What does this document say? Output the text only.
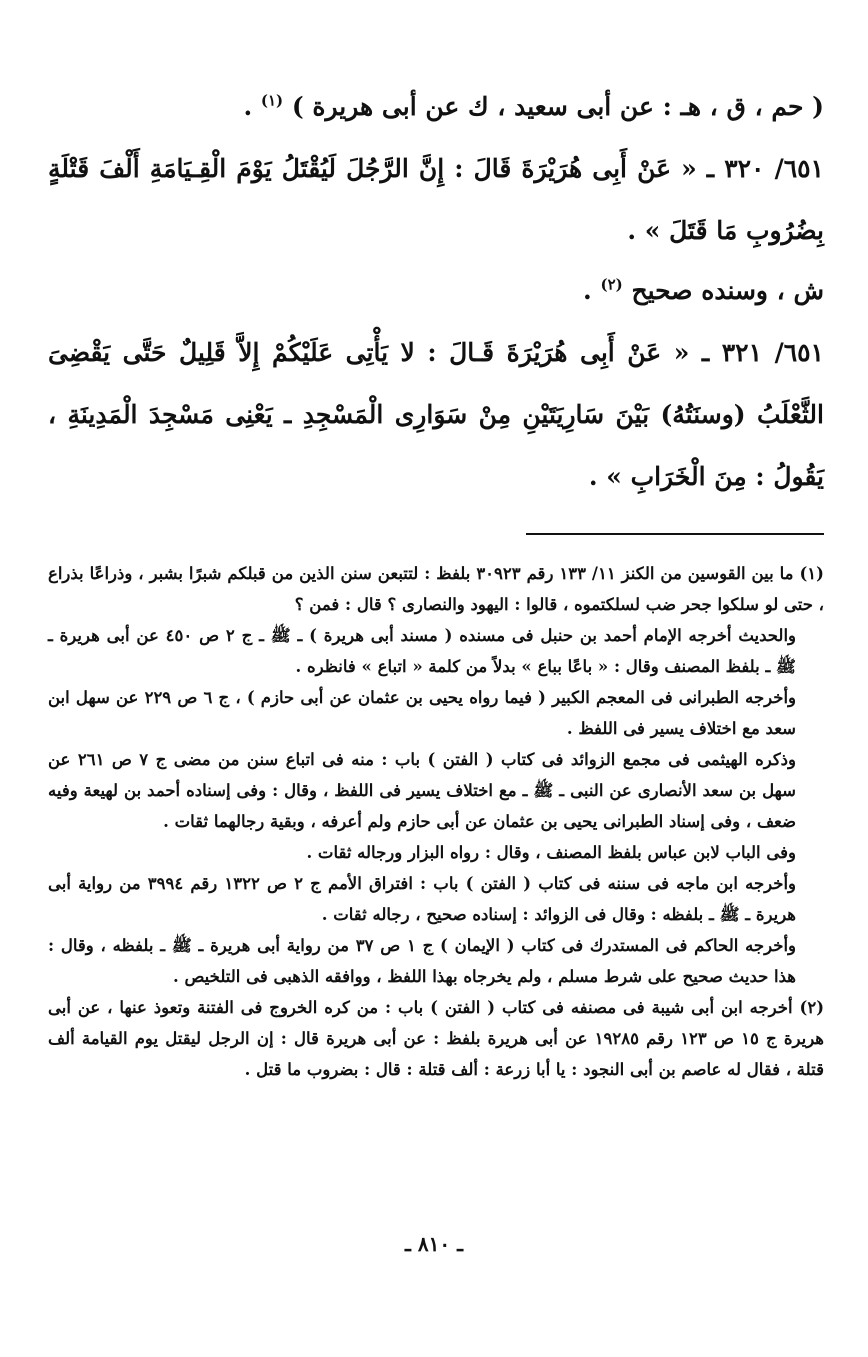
( حم ، ق ، هـ : عن أبى سعيد ، ك عن أبى هريرة ) $^{(١)}$ .

٦٥١/ ٣٢٠ ـ « عَنْ أَبِى هُرَيْرَةَ قَالَ : إِنَّ الرَّجُلَ لَيُقْتَلُ يَوْمَ الْقِـيَامَةِ أَلْفَ قَتْلَةٍ بِضُرُوبِ مَا قَتَلَ » .

ش ، وسنده صحيح $^{(٢)}$ .

٦٥١/ ٣٢١ ـ « عَنْ أَبِى هُرَيْرَةَ قَـالَ : لا يَأْتِى عَلَيْكُمْ إِلاَّ قَلِيلٌ حَتَّى يَقْضِىَ الثَّعْلَبُ (وسنَتُهُ) بَيْنَ سَارِيَتَيْنِ مِنْ سَوَارِى الْمَسْجِدِ ـ يَعْنِى مَسْجِدَ الْمَدِينَةِ ، يَقُولُ : مِنَ الْخَرَابِ » .

(١) ما بين القوسين من الكنز ١١/ ١٣٣ رقم ٣٠٩٢٣ بلفظ : لتتبعن سنن الذين من قبلكم شبرًا بشبر ، وذراعًا بذراع ، حتى لو سلكوا جحر ضب لسلكتموه ، قالوا : اليهود والنصارى ؟ قال : فمن ؟

والحديث أخرجه الإمام أحمد بن حنبل فى مسنده ( مسند أبى هريرة ) ـ ﷺ ـ ج ٢ ص ٤٥٠ عن أبى هريرة ـ ﷺ ـ بلفظ المصنف وقال : « باعًا بباع » بدلاً من كلمة « اتباع » فانظره .

وأخرجه الطبرانى فى المعجم الكبير ( فيما رواه يحيى بن عثمان عن أبى حازم ) ، ج ٦ ص ٢٢٩ عن سهل ابن سعد مع اختلاف يسير فى اللفظ .

وذكره الهيثمى فى مجمع الزوائد فى كتاب ( الفتن ) باب : منه فى اتباع سنن من مضى ج ٧ ص ٢٦١ عن سهل بن سعد الأنصارى عن النبى ـ ﷺ ـ مع اختلاف يسير فى اللفظ ، وقال : وفى إسناده أحمد بن لهيعة وفيه ضعف ، وفى إسناد الطبرانى يحيى بن عثمان عن أبى حازم ولم أعرفه ، وبقية رجالهما ثقات .

وفى الباب لابن عباس بلفظ المصنف ، وقال : رواه البزار ورجاله ثقات .

وأخرجه ابن ماجه فى سننه فى كتاب ( الفتن ) باب : افتراق الأمم ج ٢ ص ١٣٢٢ رقم ٣٩٩٤ من رواية أبى هريرة ـ ﷺ ـ بلفظه : وقال فى الزوائد : إسناده صحيح ، رجاله ثقات .

وأخرجه الحاكم فى المستدرك فى كتاب ( الإيمان ) ج ١ ص ٣٧ من رواية أبى هريرة ـ ﷺ ـ بلفظه ، وقال : هذا حديث صحيح على شرط مسلم ، ولم يخرجاه بهذا اللفظ ، ووافقه الذهبى فى التلخيص .

(٢) أخرجه ابن أبى شيبة فى مصنفه فى كتاب ( الفتن ) باب : من كره الخروج فى الفتنة وتعوذ عنها ، عن أبى هريرة ج ١٥ ص ١٢٣ رقم ١٩٢٨٥ عن أبى هريرة بلفظ : عن أبى هريرة قال : إن الرجل ليقتل يوم القيامة ألف قتلة ، فقال له عاصم بن أبى النجود : يا أبا زرعة : ألف قتلة : قال : بضروب ما قتل .

ـ ٨١٠ ـ
